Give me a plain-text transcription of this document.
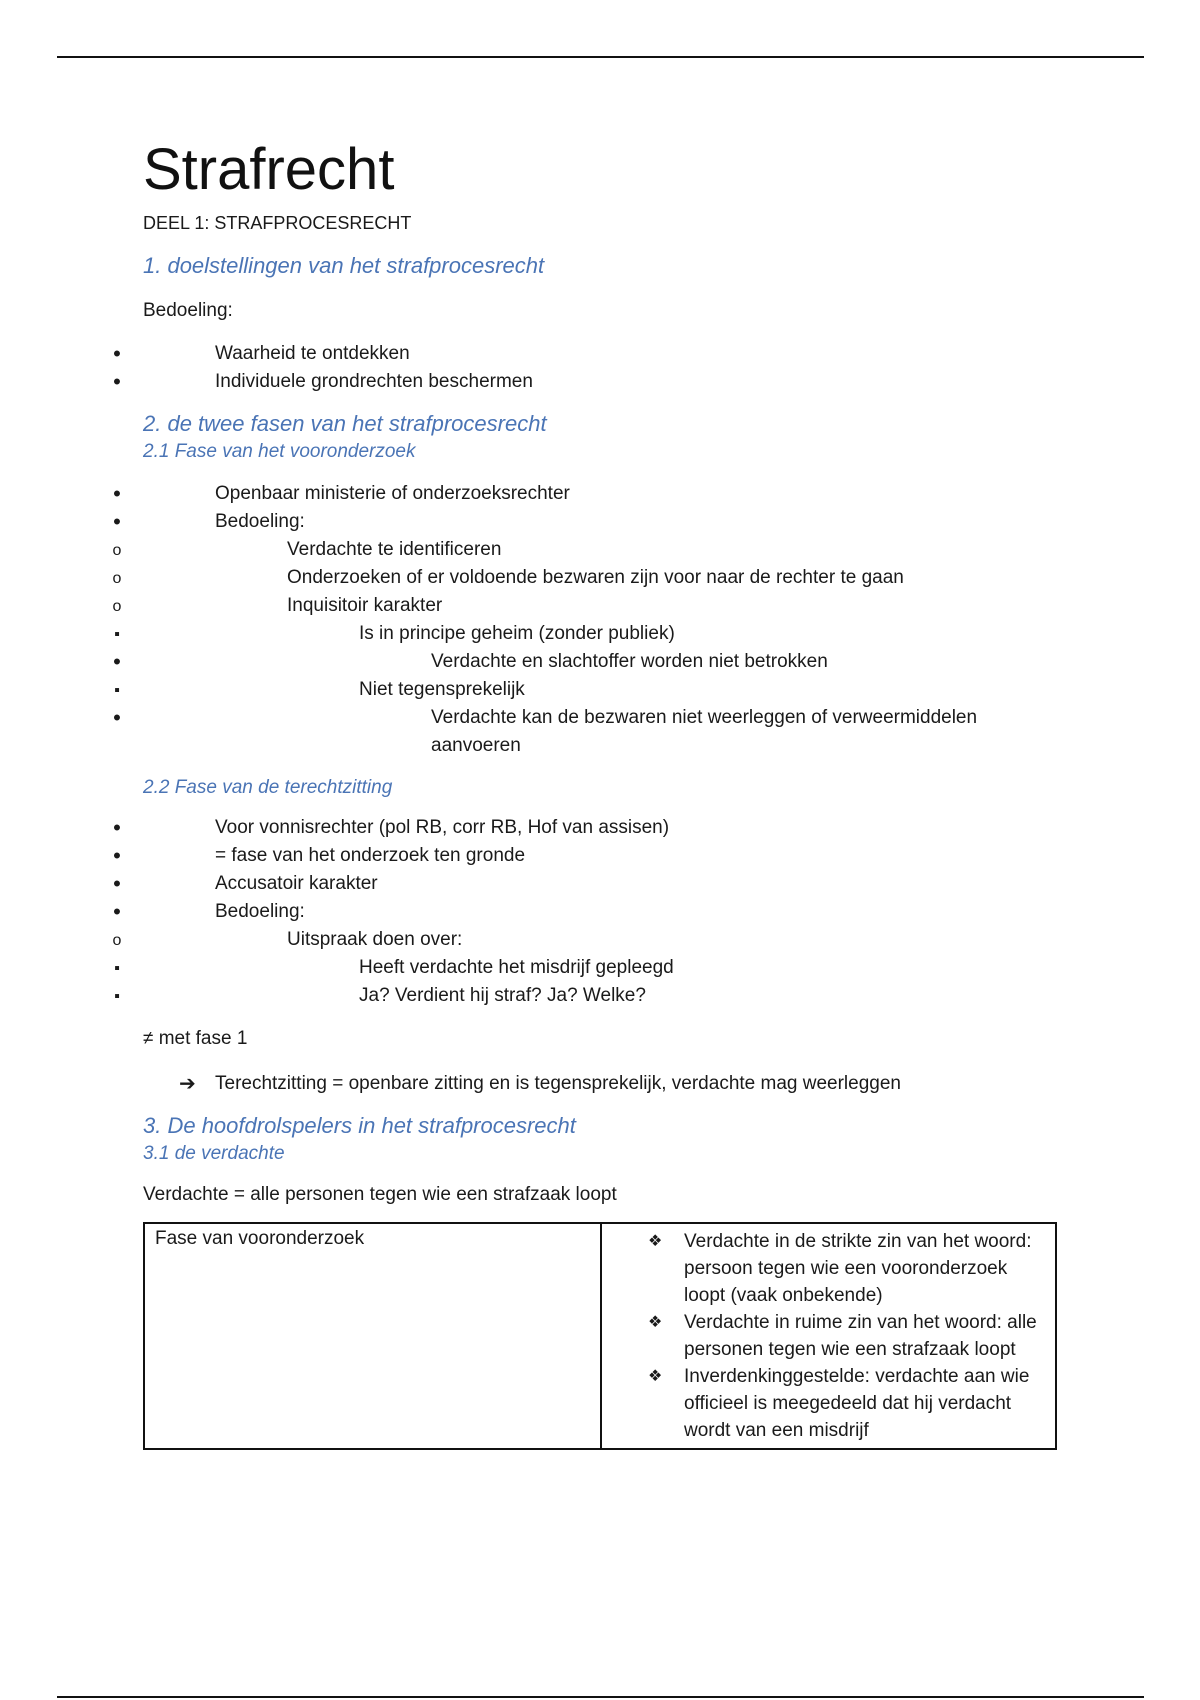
Strafrecht

DEEL 1: STRAFPROCESRECHT

1. doelstellingen van het strafprocesrecht

Bedoeling:

•
Waarheid te ontdekken
•
Individuele grondrechten beschermen
2. de twee fasen van het strafprocesrecht
2.1 Fase van het vooronderzoek
•
Openbaar ministerie of onderzoeksrechter
•
Bedoeling:
o
Verdachte te identificeren
o
Onderzoeken of er voldoende bezwaren zijn voor naar de rechter te gaan
o
Inquisitoir karakter
▪
Is in principe geheim (zonder publiek)
•
Verdachte en slachtoffer worden niet betrokken
▪
Niet tegensprekelijk
•
Verdachte kan de bezwaren niet weerleggen of verweermiddelen aanvoeren
2.2 Fase van de terechtzitting
•
Voor vonnisrechter (pol RB, corr RB, Hof van assisen)
•
= fase van het onderzoek ten gronde
•
Accusatoir karakter
•
Bedoeling:
o
Uitspraak doen over:
▪
Heeft verdachte het misdrijf gepleegd
▪
Ja? Verdient hij straf? Ja? Welke?

≠ met fase 1

➔ Terechtzitting = openbare zitting en is tegensprekelijk, verdachte mag weerleggen
3. De hoofdrolspelers in het strafprocesrecht
3.1 de verdachte

Verdachte = alle personen tegen wie een strafzaak loopt

Fase van vooronderzoek	❖ Verdachte in de strikte zin van het woord: persoon tegen wie een vooronderzoek loopt (vaak onbekende)
❖ Verdachte in ruime zin van het woord: alle personen tegen wie een strafzaak loopt
❖ Inverdenkinggestelde: verdachte aan wie officieel is meegedeeld dat hij verdacht wordt van een misdrijf
